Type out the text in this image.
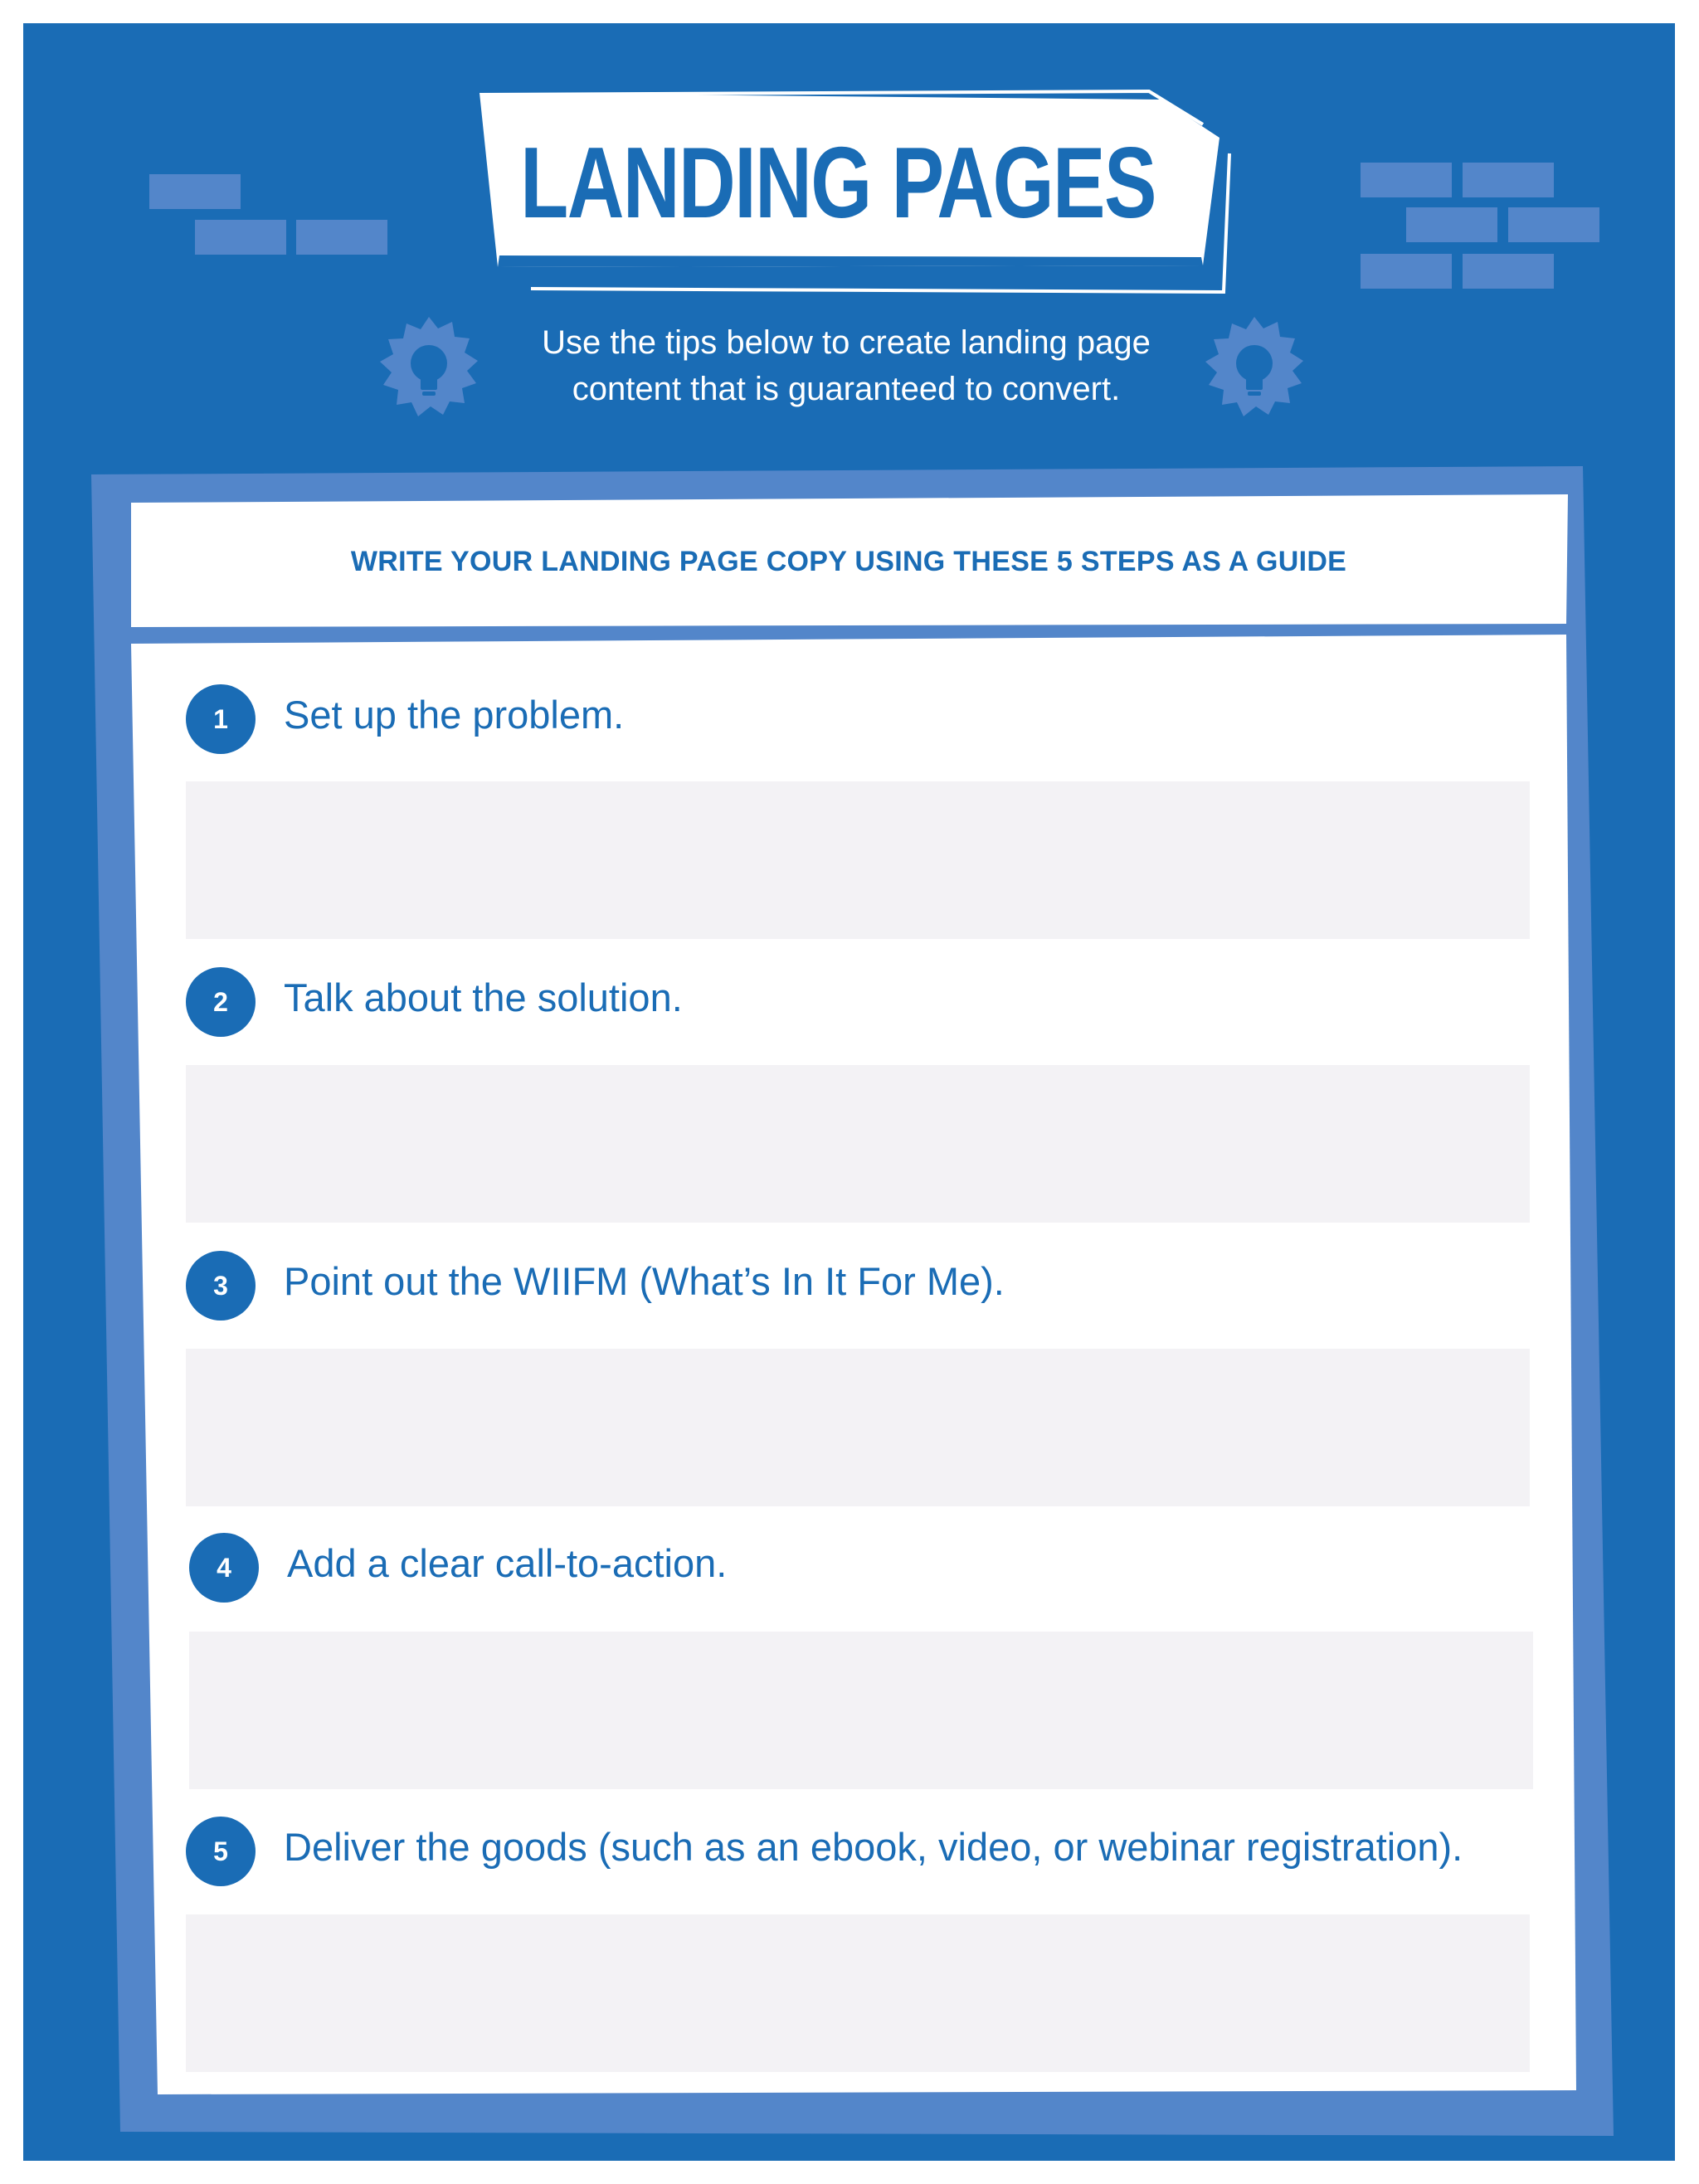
LANDING PAGES
Use the tips below to create landing page
content that is guaranteed to convert.
WRITE YOUR LANDING PAGE COPY USING THESE 5 STEPS AS A GUIDE
1	Set up the problem.
2	Talk about the solution.
3	Point out the WIIFM (What’s In It For Me).
4	Add a clear call-to-action.
5	Deliver the goods (such as an ebook, video, or webinar registration).
